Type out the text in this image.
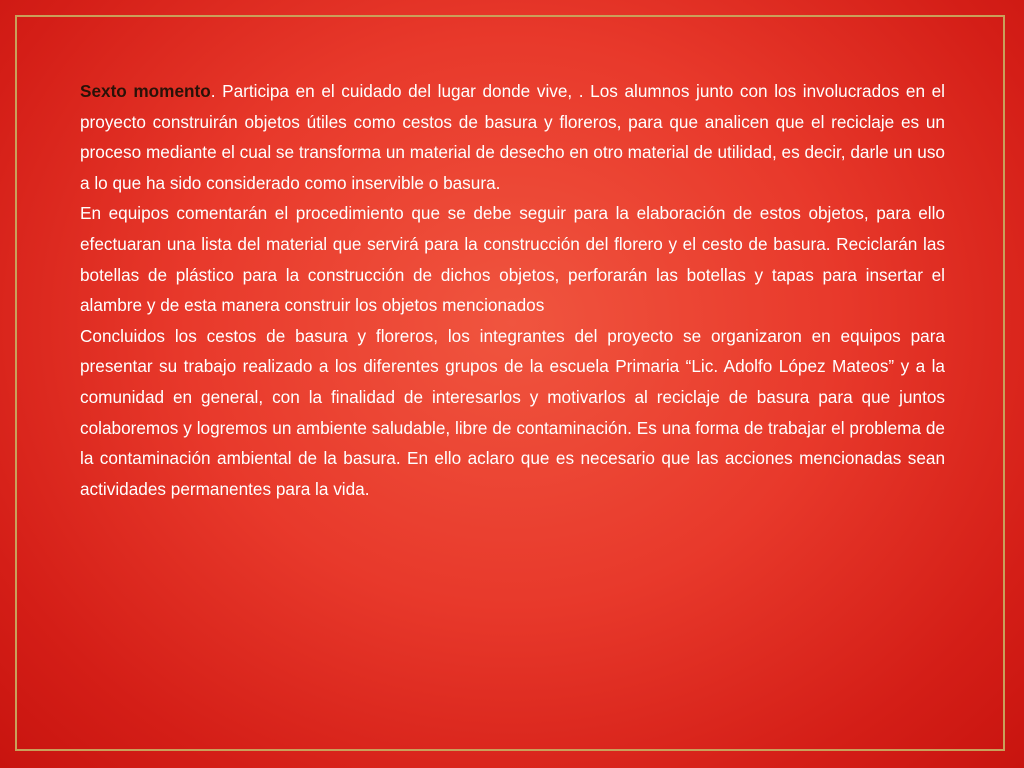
Sexto momento. Participa en el cuidado del lugar donde vive, . Los alumnos junto con los involucrados en el proyecto construirán objetos útiles como cestos de basura y floreros, para que analicen que el reciclaje es un proceso mediante el cual se transforma un material de desecho en otro material de utilidad, es decir, darle un uso a lo que ha sido considerado como inservible o basura.

En equipos comentarán el procedimiento que se debe seguir para la elaboración de estos objetos, para ello efectuaran una lista del material que servirá para la construcción del florero y el cesto de basura. Reciclarán las botellas de plástico para la construcción de dichos objetos, perforarán las botellas y tapas para insertar el alambre y de esta manera construir los objetos mencionados

Concluidos los cestos de basura y floreros, los integrantes del proyecto se organizaron en equipos para presentar su trabajo realizado a los diferentes grupos de la escuela Primaria “Lic. Adolfo López Mateos” y a la comunidad en general, con la finalidad de interesarlos y motivarlos al reciclaje de basura para que juntos colaboremos y logremos un ambiente saludable, libre de contaminación. Es una forma de trabajar el problema de la contaminación ambiental de la basura. En ello aclaro que es necesario que las acciones mencionadas sean actividades permanentes para la vida.
